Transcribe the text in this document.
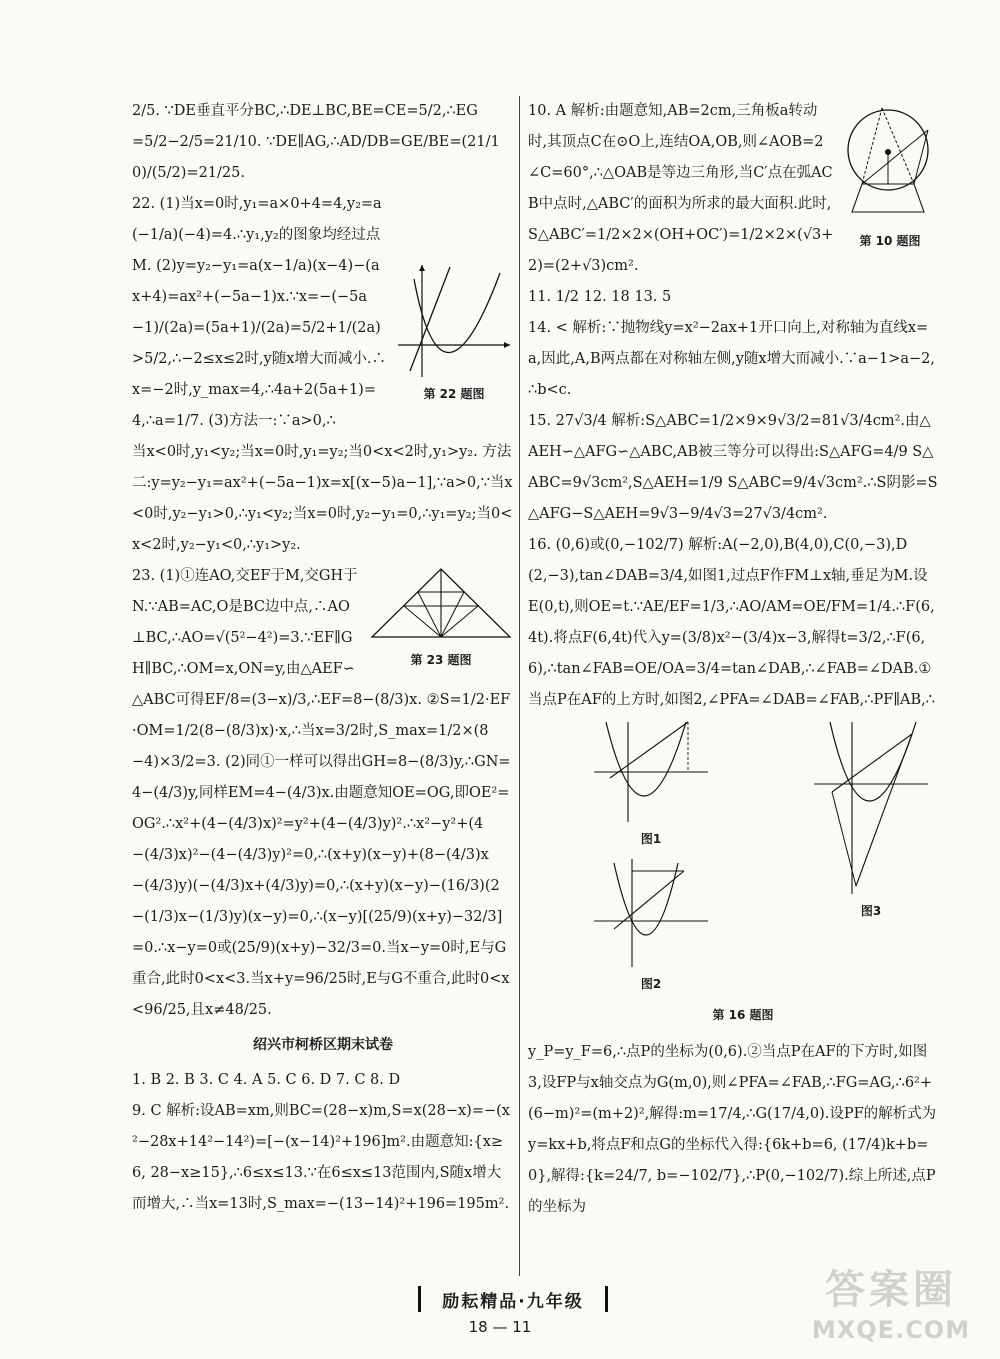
2/5. ∵DE垂直平分BC,∴DE⊥BC,BE=CE=5/2,∴EG

=5/2−2/5=21/10. ∵DE∥AG,∴AD/DB=GE/BE=(21/10)/(5/2)=21/25.

第 22 题图

22. (1)当x=0时,y₁=a×0+4=4,y₂=a(−1/a)(−4)=4.∴y₁,y₂的图象均经过点M. (2)y=y₂−y₁=a(x−1/a)(x−4)−(ax+4)=ax²+(−5a−1)x.∵x=−(−5a−1)/(2a)=(5a+1)/(2a)=5/2+1/(2a)>5/2,∴−2≤x≤2时,y随x增大而减小.∴x=−2时,y_max=4,∴4a+2(5a+1)=4,∴a=1/7. (3)方法一:∵a>0,∴

当x<0时,y₁<y₂;当x=0时,y₁=y₂;当0<x<2时,y₁>y₂. 方法二:y=y₂−y₁=ax²+(−5a−1)x=x[(x−5)a−1],∵a>0,∵当x<0时,y₂−y₁>0,∴y₁<y₂;当x=0时,y₂−y₁=0,∴y₁=y₂;当0<x<2时,y₂−y₁<0,∴y₁>y₂.

第 23 题图

23. (1)①连AO,交EF于M,交GH于N.∵AB=AC,O是BC边中点,∴AO⊥BC,∴AO=√(5²−4²)=3.∵EF∥GH∥BC,∴OM=x,ON=y,由△AEF∽△ABC可得EF/8=(3−x)/3,∴EF=8−(8/3)x. ②S=1/2·EF·OM=1/2(8−(8/3)x)·x,∴当x=3/2时,S_max=1/2×(8−4)×3/2=3. (2)同①一样可以得出GH=8−(8/3)y,∴GN=4−(4/3)y,同样EM=4−(4/3)x.由题意知OE=OG,即OE²=OG².∴x²+(4−(4/3)x)²=y²+(4−(4/3)y)².∴x²−y²+(4−(4/3)x)²−(4−(4/3)y)²=0,∴(x+y)(x−y)+(8−(4/3)x−(4/3)y)(−(4/3)x+(4/3)y)=0,∴(x+y)(x−y)−(16/3)(2−(1/3)x−(1/3)y)(x−y)=0,∴(x−y)[(25/9)(x+y)−32/3]=0.∴x−y=0或(25/9)(x+y)−32/3=0.当x−y=0时,E与G重合,此时0<x<3.当x+y=96/25时,E与G不重合,此时0<x<96/25,且x≠48/25.

绍兴市柯桥区期末试卷

1. B 2. B 3. C 4. A 5. C 6. D 7. C 8. D

9. C 解析:设AB=xm,则BC=(28−x)m,S=x(28−x)=−(x²−28x+14²−14²)=[−(x−14)²+196]m².由题意知:{x≥6, 28−x≥15},∴6≤x≤13.∵在6≤x≤13范围内,S随x增大而增大,∴当x=13时,S_max=−(13−14)²+196=195m².

第 10 题图

10. A 解析:由题意知,AB=2cm,三角板a转动时,其顶点C在⊙O上,连结OA,OB,则∠AOB=2∠C=60°,∴△OAB是等边三角形,当C′点在弧ACB中点时,△ABC′的面积为所求的最大面积.此时,S△ABC′=1/2×2×(OH+OC′)=1/2×2×(√3+2)=(2+√3)cm².

11. 1/2 12. 18 13. 5

14. < 解析:∵抛物线y=x²−2ax+1开口向上,对称轴为直线x=a,因此,A,B两点都在对称轴左侧,y随x增大而减小.∵a−1>a−2,∴b<c.

15. 27√3/4 解析:S△ABC=1/2×9×9√3/2=81√3/4cm².由△AEH∽△AFG∽△ABC,AB被三等分可以得出:S△AFG=4/9 S△ABC=9√3cm²,S△AEH=1/9 S△ABC=9/4√3cm².∴S阴影=S△AFG−S△AEH=9√3−9/4√3=27√3/4cm².

16. (0,6)或(0,−102/7) 解析:A(−2,0),B(4,0),C(0,−3),D(2,−3),tan∠DAB=3/4,如图1,过点F作FM⊥x轴,垂足为M.设E(0,t),则OE=t.∵AE/EF=1/3,∴AO/AM=OE/FM=1/4.∴F(6,4t).将点F(6,4t)代入y=(3/8)x²−(3/4)x−3,解得t=3/2,∴F(6,6),∴tan∠FAB=OE/OA=3/4=tan∠DAB,∴∠FAB=∠DAB.①当点P在AF的上方时,如图2,∠PFA=∠DAB=∠FAB,∴PF∥AB,∴

图1
图3
图2
第 16 题图

y_P=y_F=6,∴点P的坐标为(0,6).②当点P在AF的下方时,如图3,设FP与x轴交点为G(m,0),则∠PFA=∠FAB,∴FG=AG,∴6²+(6−m)²=(m+2)²,解得:m=17/4,∴G(17/4,0).设PF的解析式为y=kx+b,将点F和点G的坐标代入得:{6k+b=6, (17/4)k+b=0},解得:{k=24/7, b=−102/7},∴P(0,−102/7).综上所述,点P的坐标为

励耘精品·九年级
18 — 11
答案圈
MXQE.COM
